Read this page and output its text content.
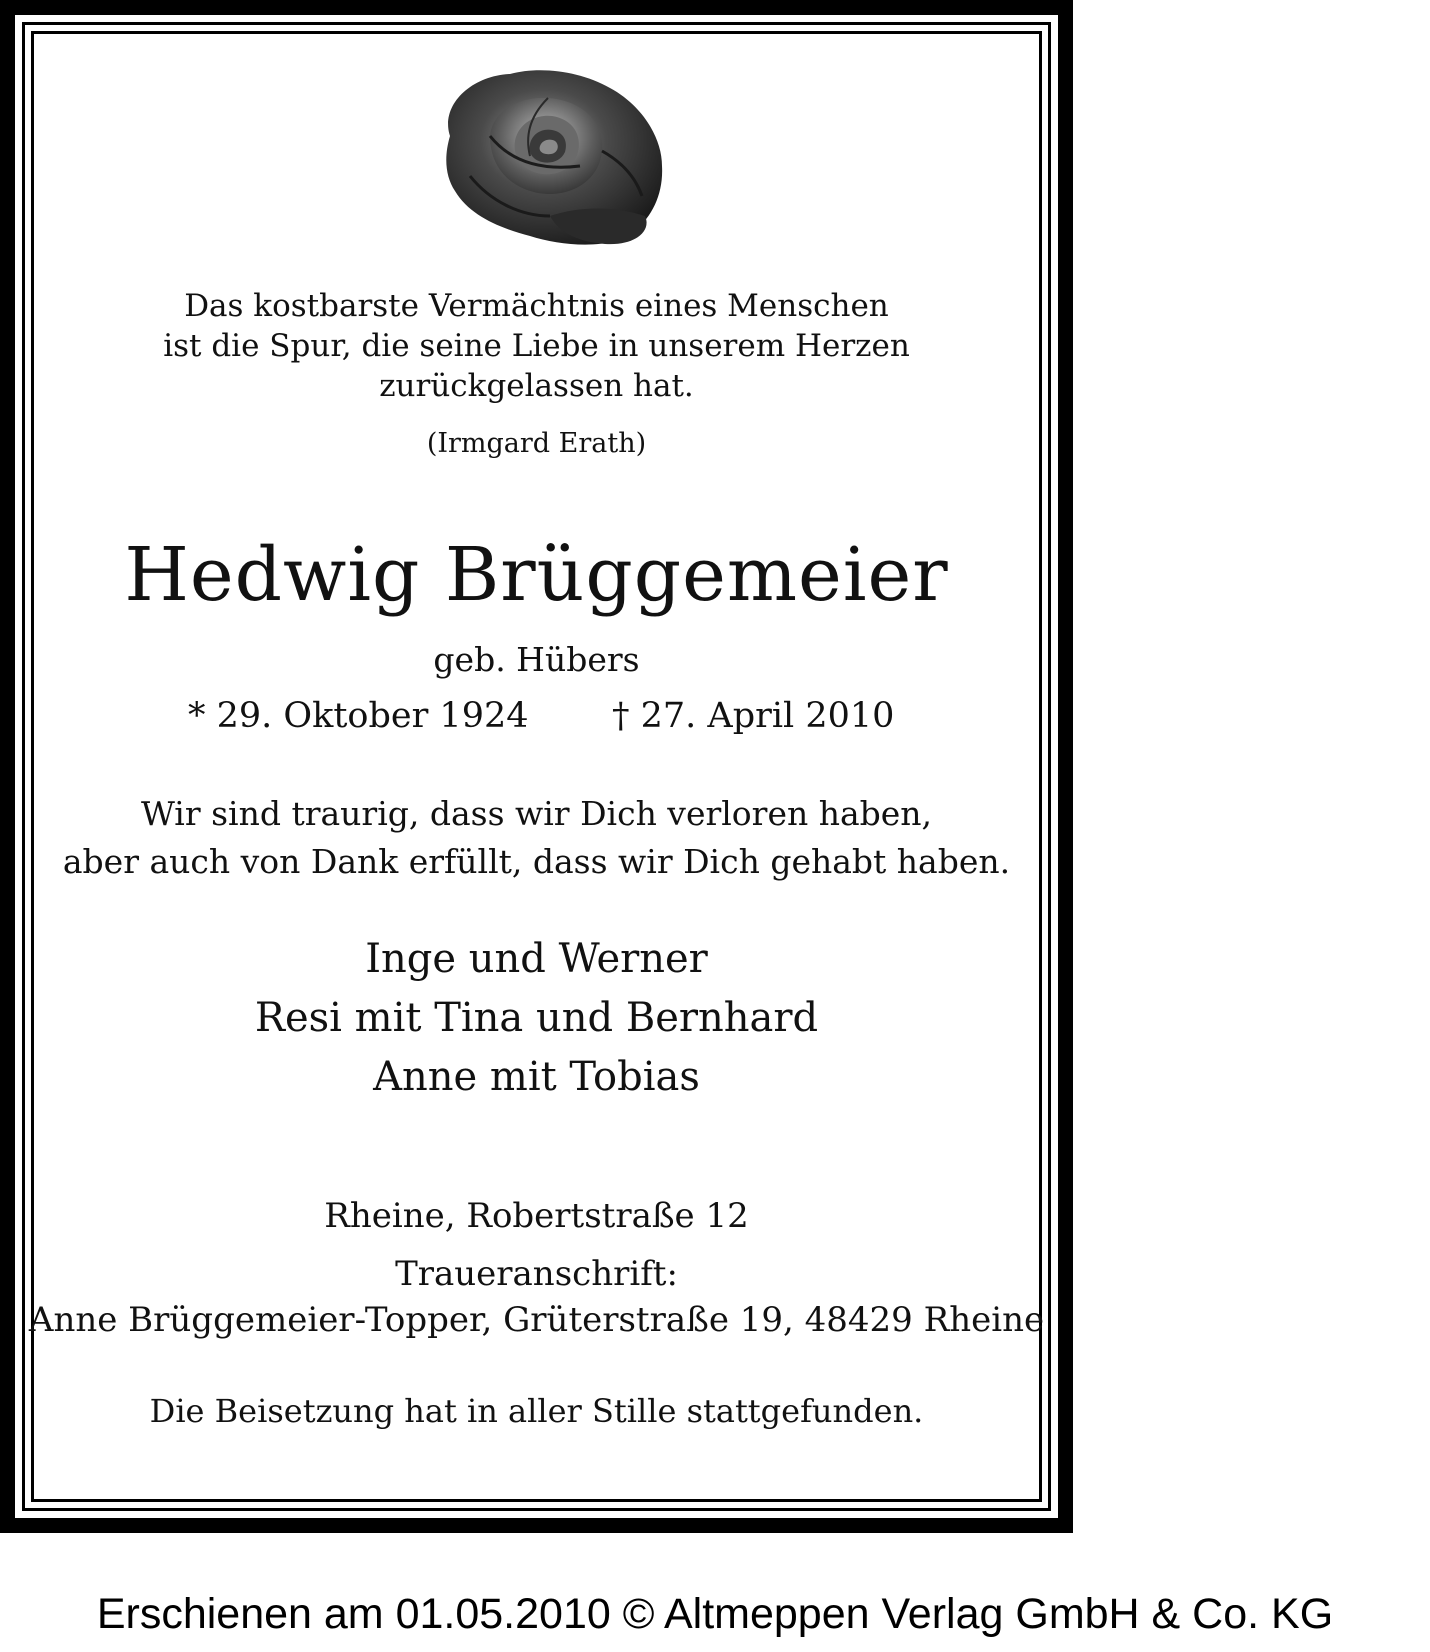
Das kostbarste Vermächtnis eines Menschen
ist die Spur, die seine Liebe in unserem Herzen
zurückgelassen hat.
(Irmgard Erath)
Hedwig Brüggemeier
geb. Hübers
* 29. Oktober 1924 † 27. April 2010
Wir sind traurig, dass wir Dich verloren haben,
aber auch von Dank erfüllt, dass wir Dich gehabt haben.
Inge und Werner
Resi mit Tina und Bernhard
Anne mit Tobias
Rheine, Robertstraße 12
Traueranschrift:
Anne Brüggemeier-Topper, Grüterstraße 19, 48429 Rheine
Die Beisetzung hat in aller Stille stattgefunden.
Erschienen am 01.05.2010 © Altmeppen Verlag GmbH & Co. KG
